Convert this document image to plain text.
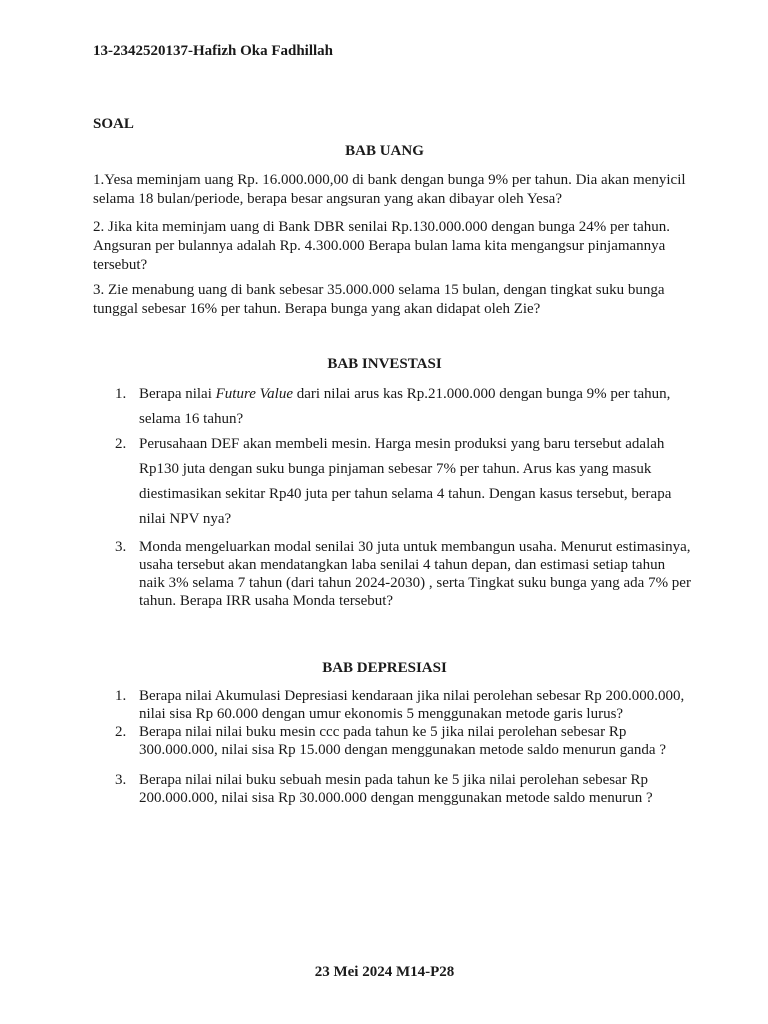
13-2342520137-Hafizh Oka Fadhillah
SOAL
BAB UANG
1.Yesa meminjam uang Rp. 16.000.000,00 di bank dengan bunga 9% per tahun. Dia akan menyicil selama 18 bulan/periode, berapa besar angsuran yang akan dibayar oleh Yesa?
2. Jika kita meminjam uang di Bank DBR senilai Rp.130.000.000 dengan bunga 24% per tahun. Angsuran per bulannya adalah Rp. 4.300.000 Berapa bulan lama kita mengangsur pinjamannya tersebut?
3. Zie menabung uang di bank sebesar 35.000.000 selama 15 bulan, dengan tingkat suku bunga tunggal sebesar 16% per tahun. Berapa bunga yang akan didapat oleh Zie?
BAB INVESTASI
1. Berapa nilai Future Value dari nilai arus kas Rp.21.000.000 dengan bunga 9% per tahun, selama 16 tahun?
2. Perusahaan DEF akan membeli mesin. Harga mesin produksi yang baru tersebut adalah Rp130 juta dengan suku bunga pinjaman sebesar 7% per tahun. Arus kas yang masuk diestimasikan sekitar Rp40 juta per tahun selama 4 tahun. Dengan kasus tersebut, berapa nilai NPV nya?
3. Monda mengeluarkan modal senilai 30 juta untuk membangun usaha. Menurut estimasinya, usaha tersebut akan mendatangkan laba senilai 4 tahun depan, dan estimasi setiap tahun naik 3% selama 7 tahun (dari tahun 2024-2030) , serta Tingkat suku bunga yang ada 7% per tahun. Berapa IRR usaha Monda tersebut?
BAB DEPRESIASI
1. Berapa nilai Akumulasi Depresiasi kendaraan jika nilai perolehan sebesar Rp 200.000.000, nilai sisa Rp 60.000 dengan umur ekonomis 5 menggunakan metode garis lurus?
2. Berapa nilai nilai buku mesin ccc pada tahun ke 5 jika nilai perolehan sebesar Rp 300.000.000, nilai sisa Rp 15.000 dengan menggunakan metode saldo menurun ganda ?
3. Berapa nilai nilai buku sebuah mesin pada tahun ke 5 jika nilai perolehan sebesar Rp 200.000.000, nilai sisa Rp 30.000.000 dengan menggunakan metode saldo menurun ?
23 Mei 2024 M14-P28
